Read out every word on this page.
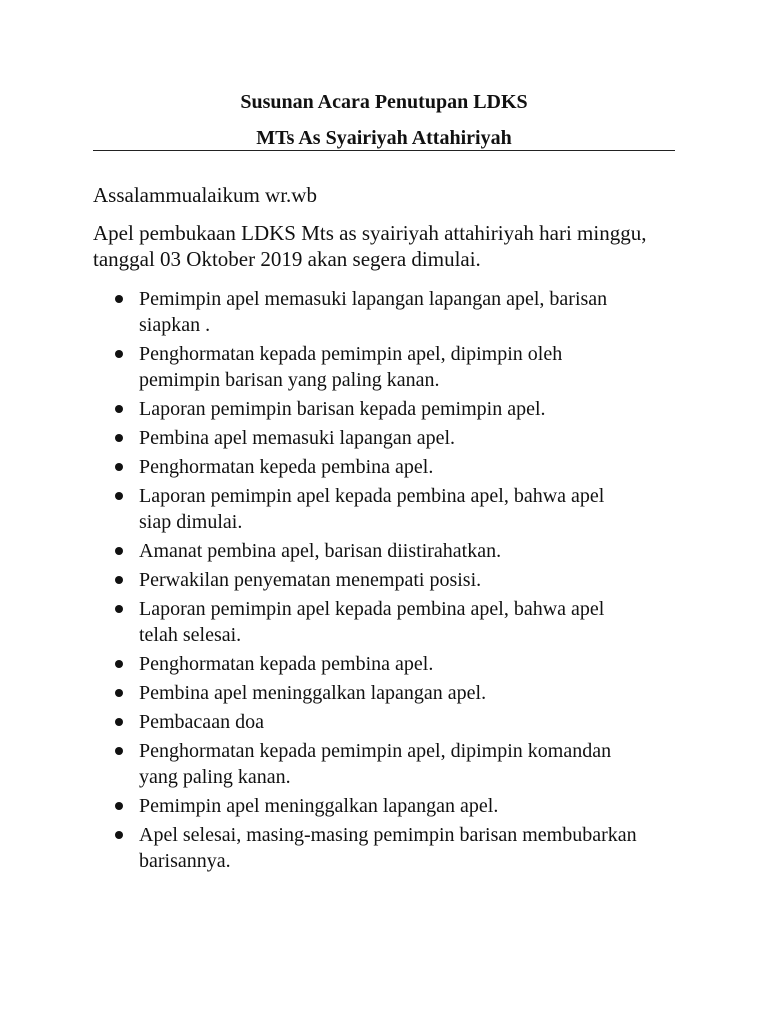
Susunan Acara Penutupan LDKS
MTs As Syairiyah Attahiriyah

Assalammualaikum wr.wb

Apel pembukaan LDKS Mts as syairiyah attahiriyah hari minggu, tanggal 03 Oktober 2019 akan segera dimulai.

Pemimpin apel memasuki lapangan lapangan apel, barisan siapkan .
Penghormatan kepada pemimpin apel, dipimpin oleh pemimpin barisan yang paling kanan.
Laporan pemimpin barisan kepada pemimpin apel.
Pembina apel memasuki lapangan apel.
Penghormatan kepeda pembina apel.
Laporan pemimpin apel kepada pembina apel, bahwa apel siap dimulai.
Amanat pembina apel, barisan diistirahatkan.
Perwakilan penyematan menempati posisi.
Laporan pemimpin apel kepada pembina apel, bahwa apel telah selesai.
Penghormatan kepada pembina apel.
Pembina apel meninggalkan lapangan apel.
Pembacaan doa
Penghormatan kepada pemimpin apel, dipimpin komandan yang paling kanan.
Pemimpin apel meninggalkan lapangan apel.
Apel selesai, masing-masing pemimpin barisan membubarkan barisannya.
